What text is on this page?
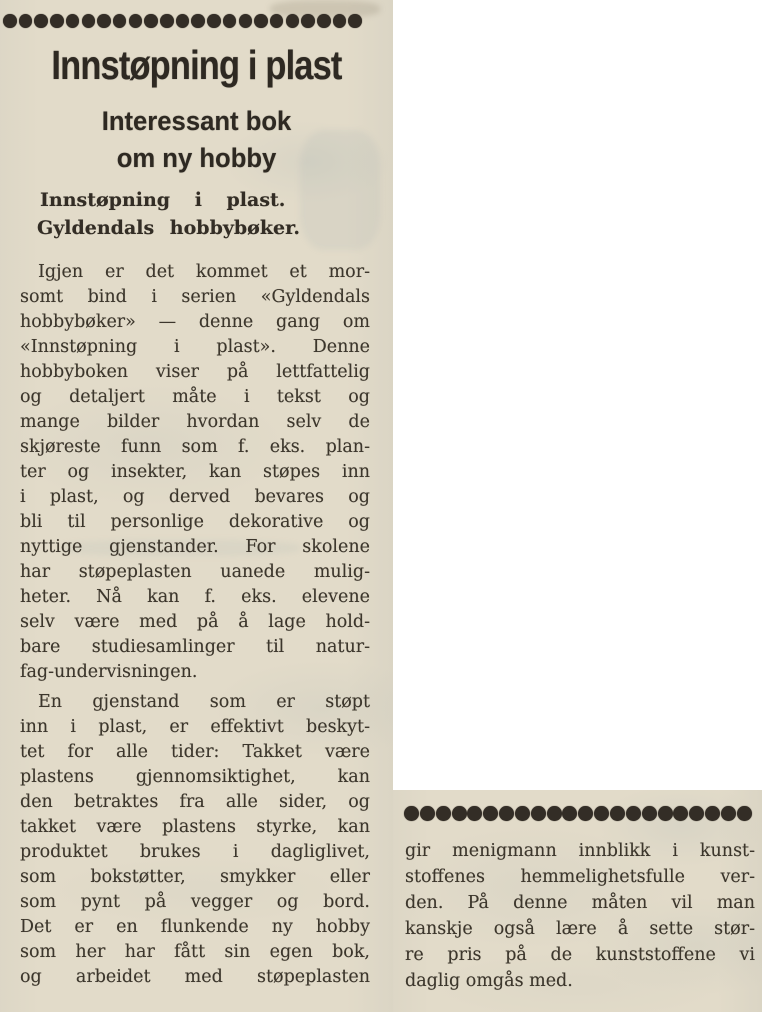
Innstøpning i plast
Interessant bok
om ny hobby
Innstøpning i plast.
Gyldendals hobbybøker.
Igjen er det kommet et mor-
somt bind i serien «Gyldendals
hobbybøker» — denne gang om
«Innstøpning i plast». Denne
hobbyboken viser på lettfattelig
og detaljert måte i tekst og
mange bilder hvordan selv de
skjøreste funn som f. eks. plan-
ter og insekter, kan støpes inn
i plast, og derved bevares og
bli til personlige dekorative og
nyttige gjenstander. For skolene
har støpeplasten uanede mulig-
heter. Nå kan f. eks. elevene
selv være med på å lage hold-
bare studiesamlinger til natur-
fag-undervisningen.
En gjenstand som er støpt
inn i plast, er effektivt beskyt-
tet for alle tider: Takket være
plastens gjennomsiktighet, kan
den betraktes fra alle sider, og
takket være plastens styrke, kan
produktet brukes i dagliglivet,
som bokstøtter, smykker eller
som pynt på vegger og bord.
Det er en flunkende ny hobby
som her har fått sin egen bok,
og arbeidet med støpeplasten
gir menigmann innblikk i kunst-
stoffenes hemmelighetsfulle ver-
den. På denne måten vil man
kanskje også lære å sette stør-
re pris på de kunststoffene vi
daglig omgås med.
